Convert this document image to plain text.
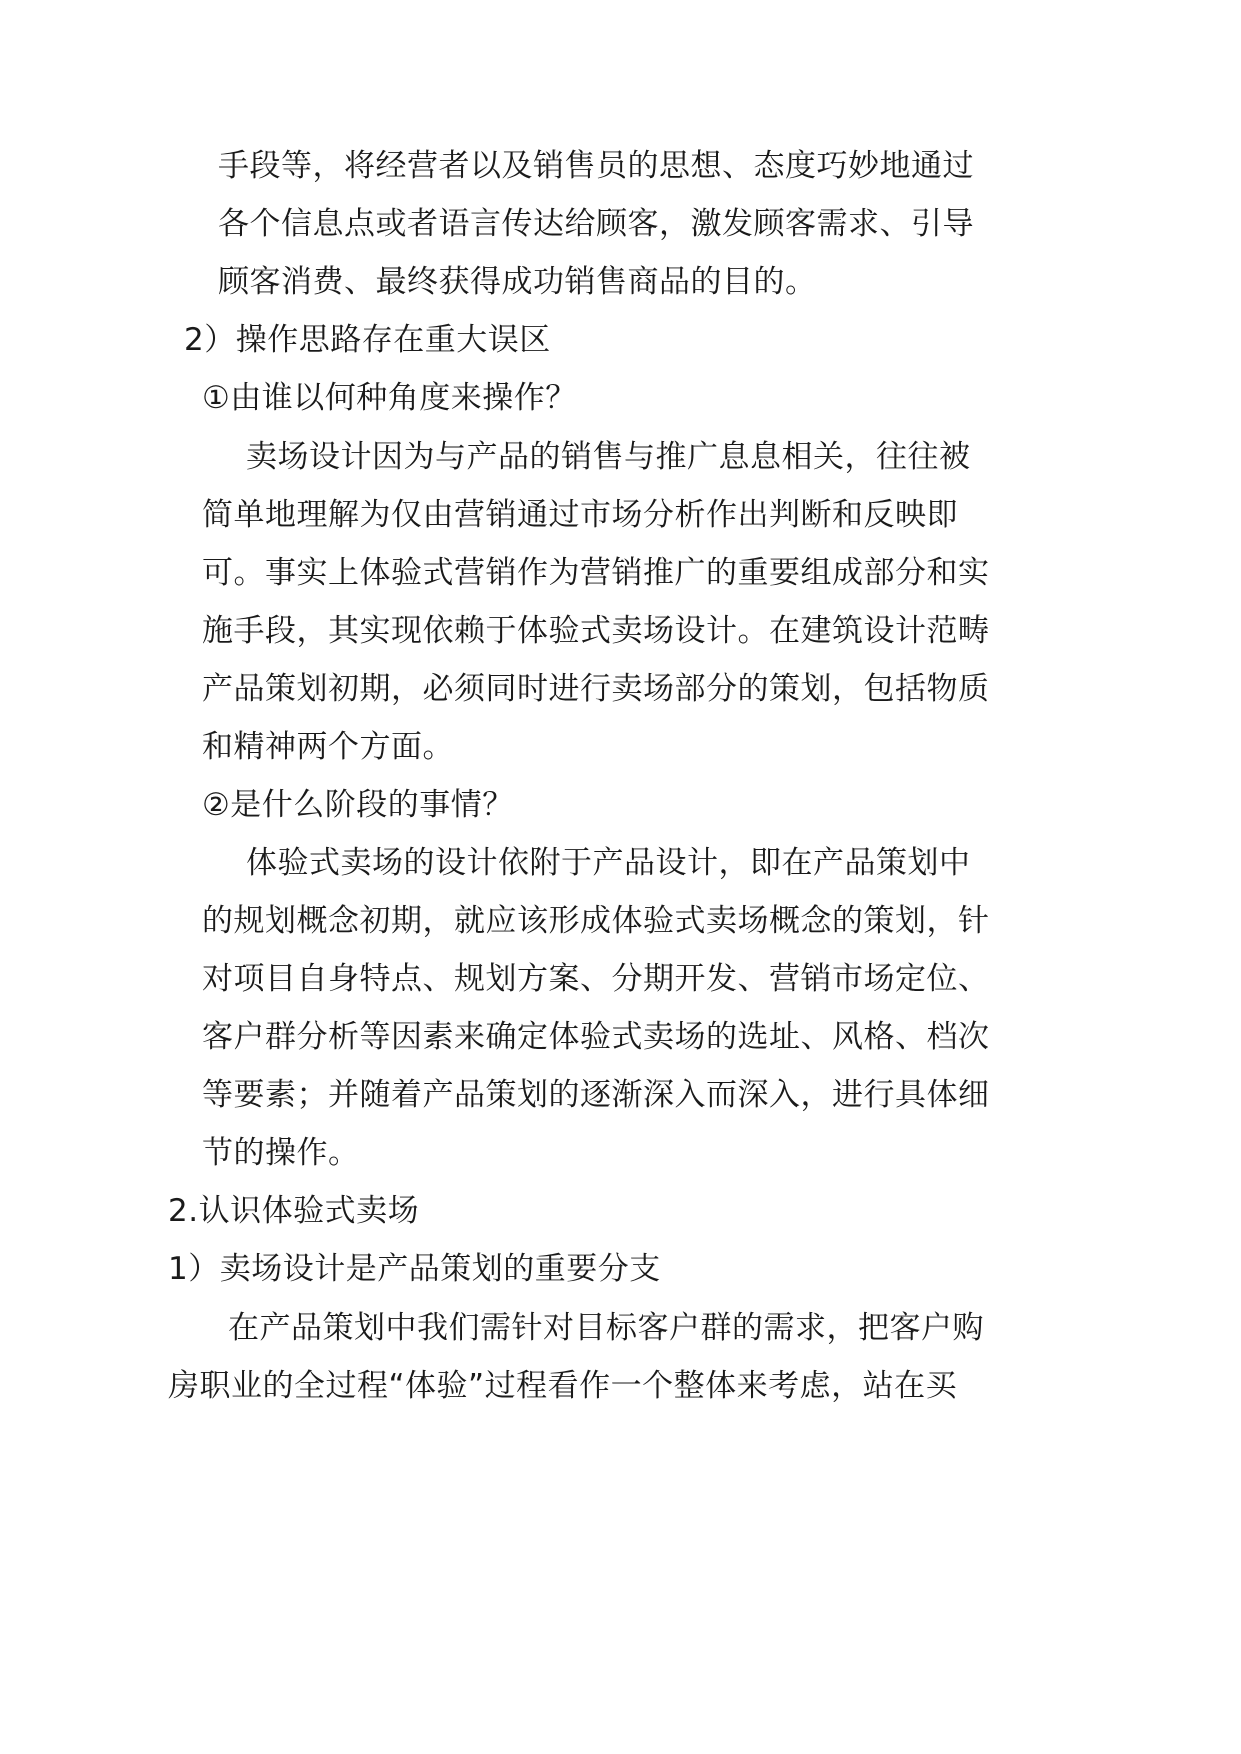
手段等，将经营者以及销售员的思想、态度巧妙地通过
各个信息点或者语言传达给顾客，激发顾客需求、引导
顾客消费、最终获得成功销售商品的目的。
2）操作思路存在重大误区
①由谁以何种角度来操作？
卖场设计因为与产品的销售与推广息息相关，往往被
简单地理解为仅由营销通过市场分析作出判断和反映即
可。事实上体验式营销作为营销推广的重要组成部分和实
施手段，其实现依赖于体验式卖场设计。在建筑设计范畴
产品策划初期，必须同时进行卖场部分的策划，包括物质
和精神两个方面。
②是什么阶段的事情？
体验式卖场的设计依附于产品设计，即在产品策划中
的规划概念初期，就应该形成体验式卖场概念的策划，针
对项目自身特点、规划方案、分期开发、营销市场定位、
客户群分析等因素来确定体验式卖场的选址、风格、档次
等要素；并随着产品策划的逐渐深入而深入，进行具体细
节的操作。
2.认识体验式卖场
1）卖场设计是产品策划的重要分支
在产品策划中我们需针对目标客户群的需求，把客户购
房职业的全过程“体验”过程看作一个整体来考虑，站在买
